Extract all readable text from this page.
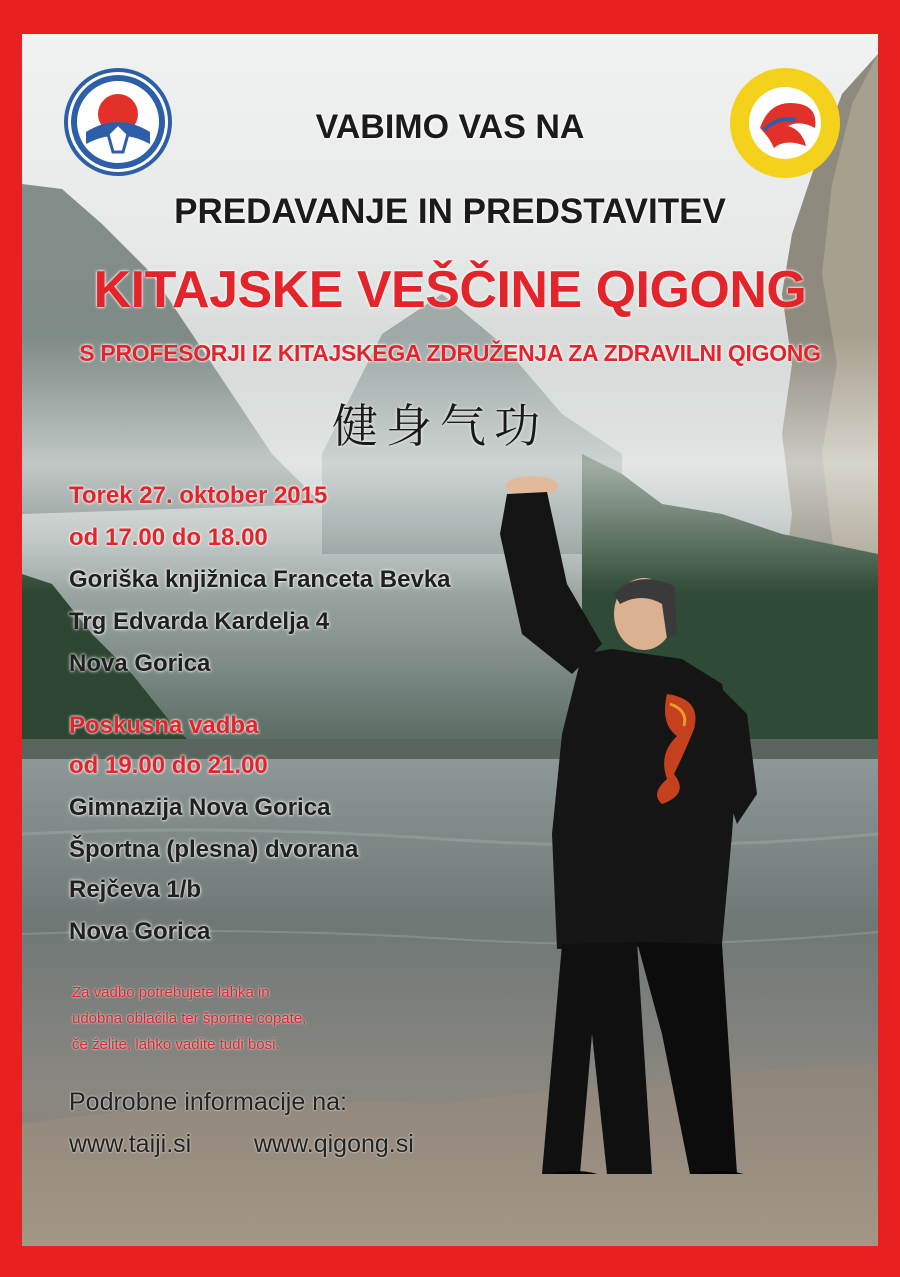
VABIMO VAS NA

PREDAVANJE IN PREDSTAVITEV

KITAJSKE VEŠČINE QIGONG

S PROFESORJI IZ KITAJSKEGA ZDRUŽENJA ZA ZDRAVILNI QIGONG

健身气功

Torek 27. oktober 2015

od 17.00 do 18.00

Goriška knjižnica Franceta Bevka

Trg Edvarda Kardelja 4

Nova Gorica

Poskusna vadba

od 19.00 do 21.00

Gimnazija Nova Gorica

Športna (plesna) dvorana

Rejčeva 1/b

Nova Gorica

Za vadbo potrebujete lahka in

udobna oblačila ter športne copate,

če želite, lahko vadite tudi bosi.

Podrobne informacije na:

www.taiji.si	www.qigong.si
